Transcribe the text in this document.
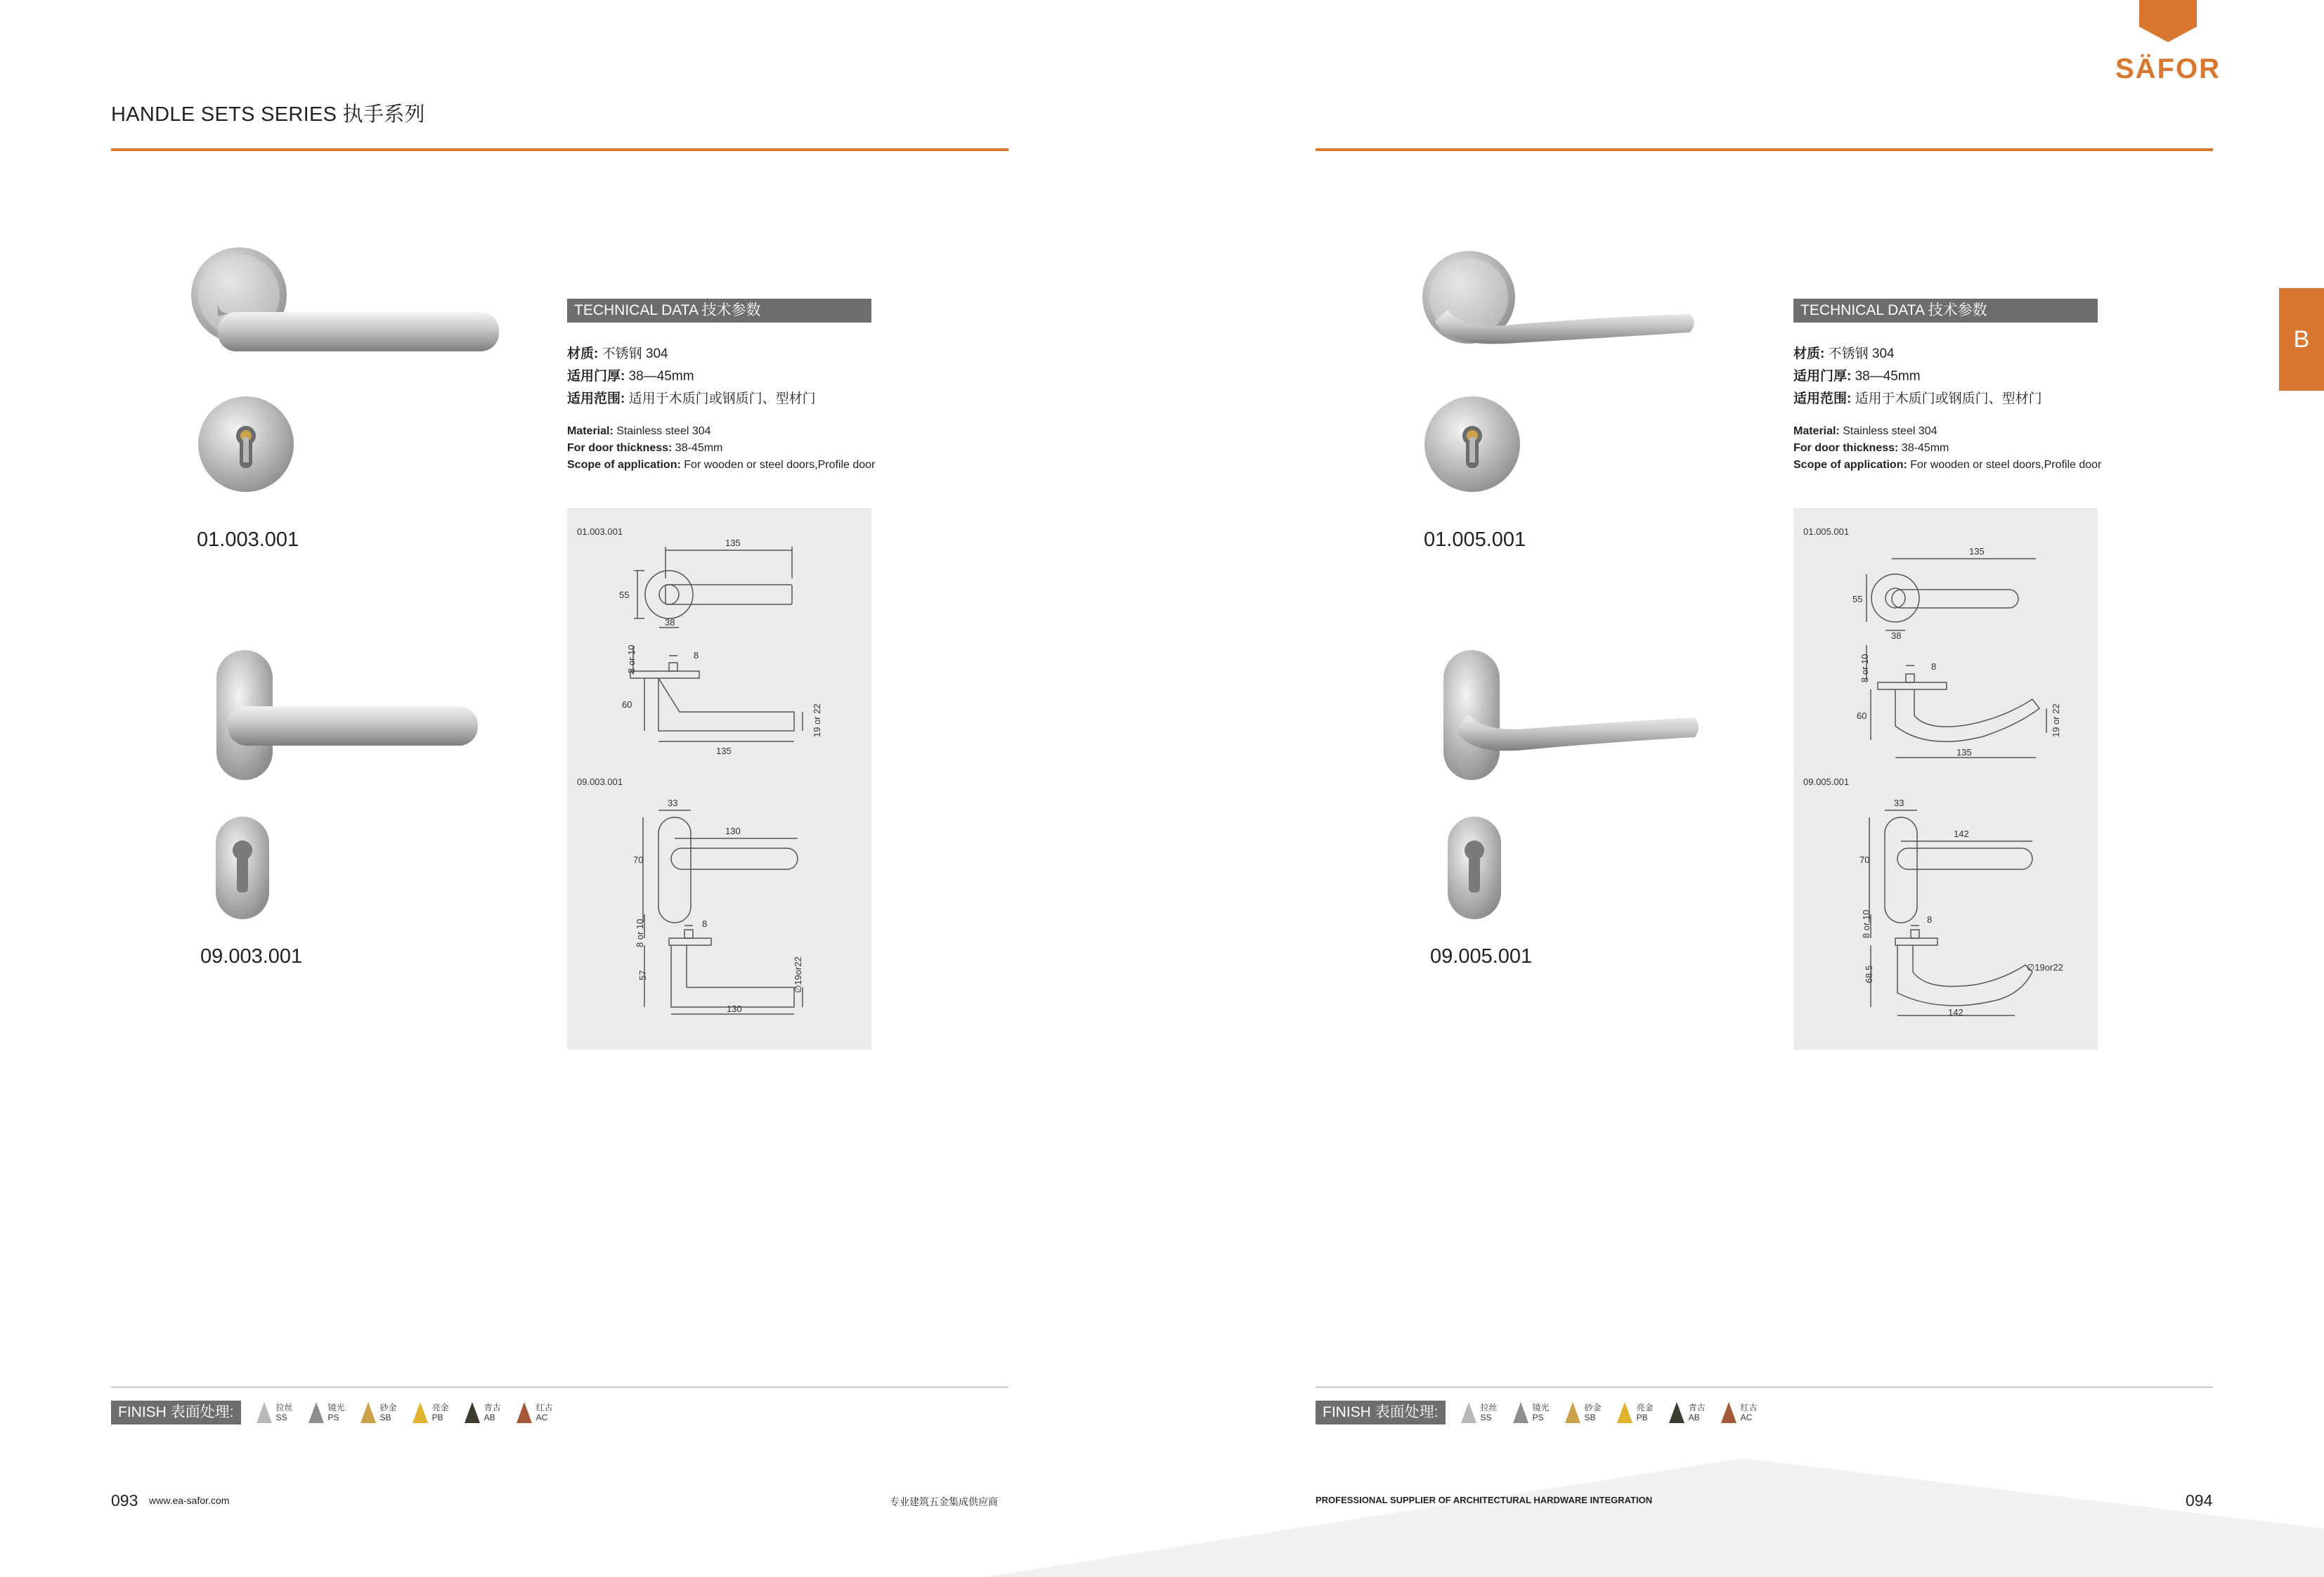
HANDLE SETS SERIES 执手系列
SÄFOR
B
01.003.001
09.003.001
TECHNICAL DATA 技术参数
材质: 不锈钢 304
适用门厚: 38—45mm
适用范围: 适用于木质门或钢质门、型材门
Material: Stainless steel 304
For door thickness: 38-45mm
Scope of application: For wooden or steel doors,Profile door
01.003.001
135
55
38
8 or 10	8
60	19 or 22
135
09.003.001
33
130
70
8 or 10	8
57	∅19or22
130
01.005.001
09.005.001
TECHNICAL DATA 技术参数
材质: 不锈钢 304
适用门厚: 38—45mm
适用范围: 适用于木质门或钢质门、型材门
Material: Stainless steel 304
For door thickness: 38-45mm
Scope of application: For wooden or steel doors,Profile door
01.005.001
135
55
38
8 or 10	8
60	19 or 22
135
09.005.001
33
142
70
8 or 10	8
68.5	∅19or22
142
FINISH 表面处理:	拉丝
SS
镜光
PS
砂金
SB
亮金
PB
青古
AB
红古
AC	FINISH 表面处理:	拉丝
SS
镜光
PS
砂金
SB
亮金
PB
青古
AB
红古
AC
093 www.ea-safor.com	专业建筑五金集成供应商	PROFESSIONAL SUPPLIER OF ARCHITECTURAL HARDWARE INTEGRATION	094
